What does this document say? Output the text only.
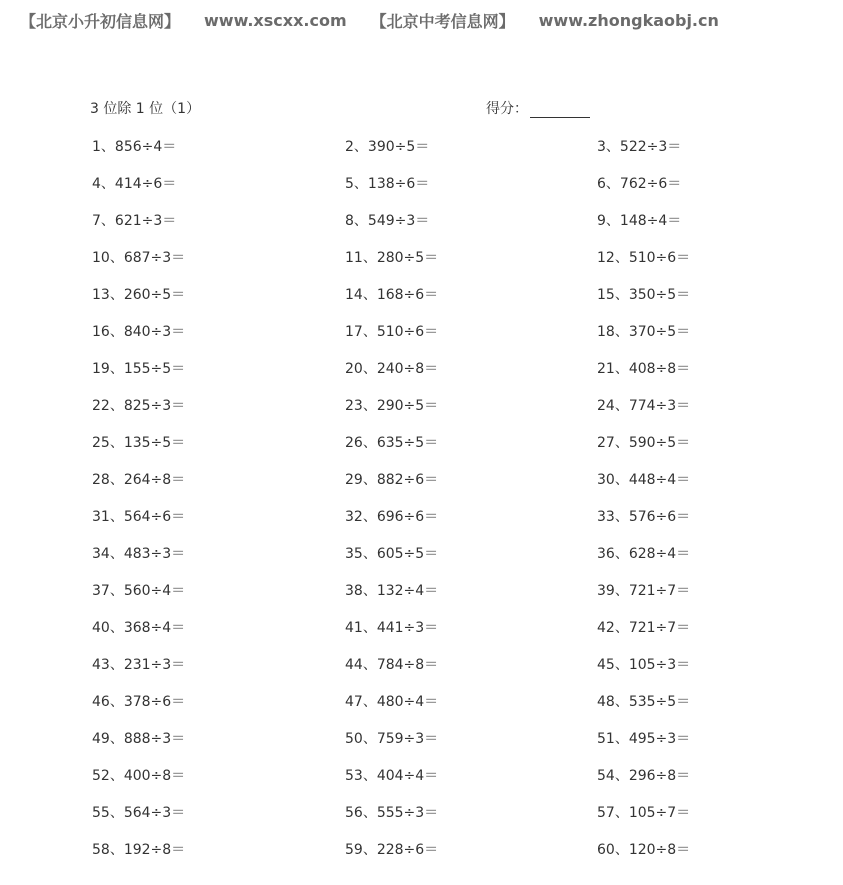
【北京小升初信息网】 www.xscxx.com 【北京中考信息网】 www.zhongkaobj.cn
3 位除 1 位（1）	得分：
1、856÷4＝	2、390÷5＝	3、522÷3＝
4、414÷6＝	5、138÷6＝	6、762÷6＝
7、621÷3＝	8、549÷3＝	9、148÷4＝
10、687÷3＝	11、280÷5＝	12、510÷6＝
13、260÷5＝	14、168÷6＝	15、350÷5＝
16、840÷3＝	17、510÷6＝	18、370÷5＝
19、155÷5＝	20、240÷8＝	21、408÷8＝
22、825÷3＝	23、290÷5＝	24、774÷3＝
25、135÷5＝	26、635÷5＝	27、590÷5＝
28、264÷8＝	29、882÷6＝	30、448÷4＝
31、564÷6＝	32、696÷6＝	33、576÷6＝
34、483÷3＝	35、605÷5＝	36、628÷4＝
37、560÷4＝	38、132÷4＝	39、721÷7＝
40、368÷4＝	41、441÷3＝	42、721÷7＝
43、231÷3＝	44、784÷8＝	45、105÷3＝
46、378÷6＝	47、480÷4＝	48、535÷5＝
49、888÷3＝	50、759÷3＝	51、495÷3＝
52、400÷8＝	53、404÷4＝	54、296÷8＝
55、564÷3＝	56、555÷3＝	57、105÷7＝
58、192÷8＝	59、228÷6＝	60、120÷8＝
